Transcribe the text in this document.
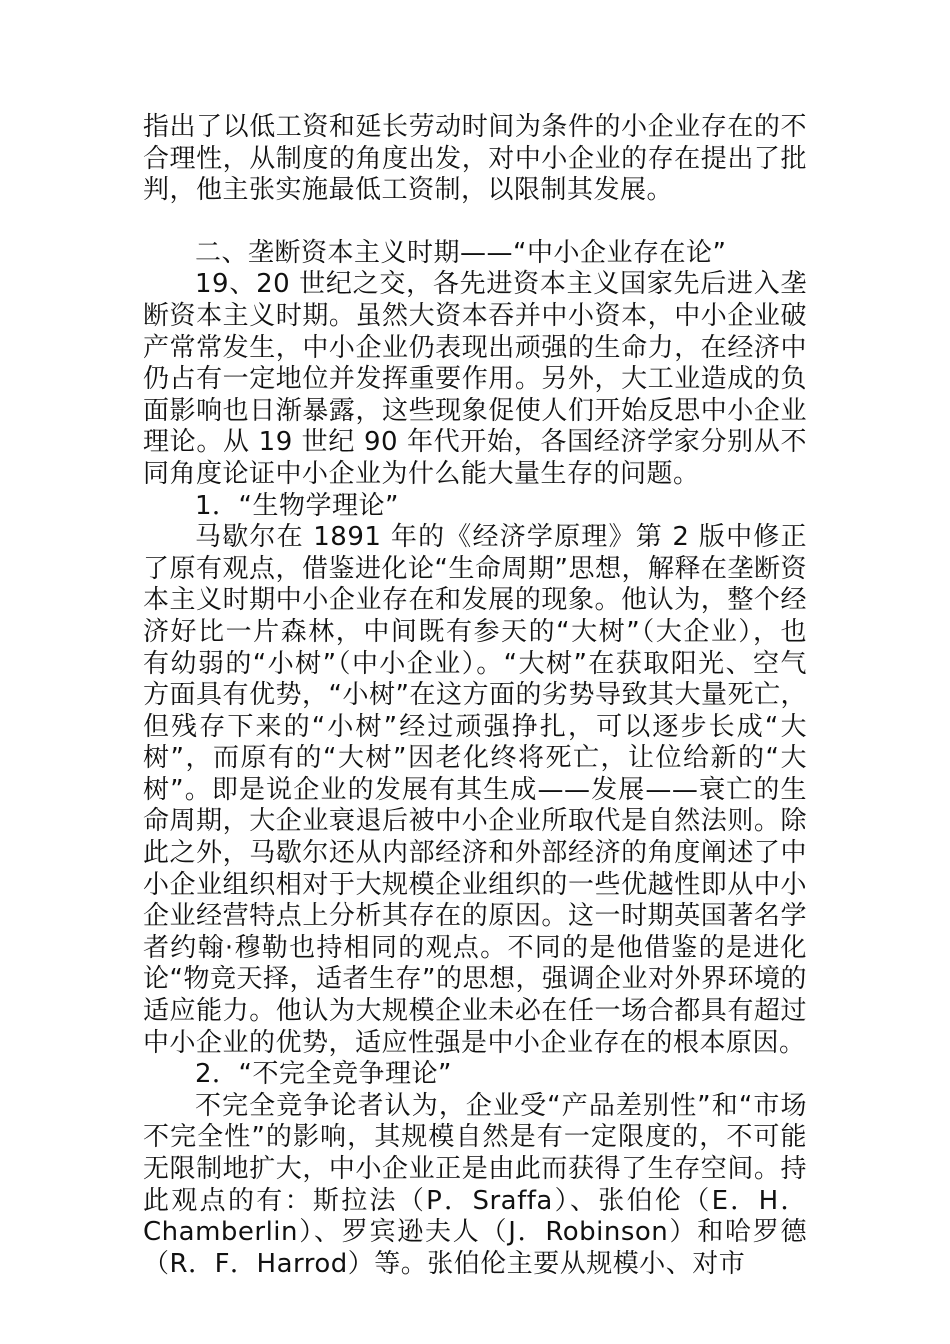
指出了以低工资和延长劳动时间为条件的小企业存在的不合理性，从制度的角度出发，对中小企业的存在提出了批判，他主张实施最低工资制，以限制其发展。

二、垄断资本主义时期——“中小企业存在论”

19、20 世纪之交，各先进资本主义国家先后进入垄断资本主义时期。虽然大资本吞并中小资本，中小企业破产常常发生，中小企业仍表现出顽强的生命力，在经济中仍占有一定地位并发挥重要作用。另外，大工业造成的负面影响也日渐暴露，这些现象促使人们开始反思中小企业理论。从 19 世纪 90 年代开始，各国经济学家分别从不同角度论证中小企业为什么能大量生存的问题。

1．“生物学理论”

马歇尔在 1891 年的《经济学原理》第 2 版中修正了原有观点，借鉴进化论“生命周期”思想，解释在垄断资本主义时期中小企业存在和发展的现象。他认为，整个经济好比一片森林，中间既有参天的“大树”（大企业），也有幼弱的“小树”（中小企业）。“大树”在获取阳光、空气方面具有优势，“小树”在这方面的劣势导致其大量死亡，但残存下来的“小树”经过顽强挣扎，可以逐步长成“大树”，而原有的“大树”因老化终将死亡，让位给新的“大树”。即是说企业的发展有其生成——发展——衰亡的生命周期，大企业衰退后被中小企业所取代是自然法则。除此之外，马歇尔还从内部经济和外部经济的角度阐述了中小企业组织相对于大规模企业组织的一些优越性即从中小企业经营特点上分析其存在的原因。这一时期英国著名学者约翰·穆勒也持相同的观点。不同的是他借鉴的是进化论“物竞天择，适者生存”的思想，强调企业对外界环境的适应能力。他认为大规模企业未必在任一场合都具有超过中小企业的优势，适应性强是中小企业存在的根本原因。

2．“不完全竞争理论”

不完全竞争论者认为，企业受“产品差别性”和“市场不完全性”的影响，其规模自然是有一定限度的，不可能无限制地扩大，中小企业正是由此而获得了生存空间。持此观点的有：斯拉法（P．Sraffa）、张伯伦（E．H．Chamberlin）、罗宾逊夫人（J．Robinson）和哈罗德（R．F．Harrod）等。张伯伦主要从规模小、对市
